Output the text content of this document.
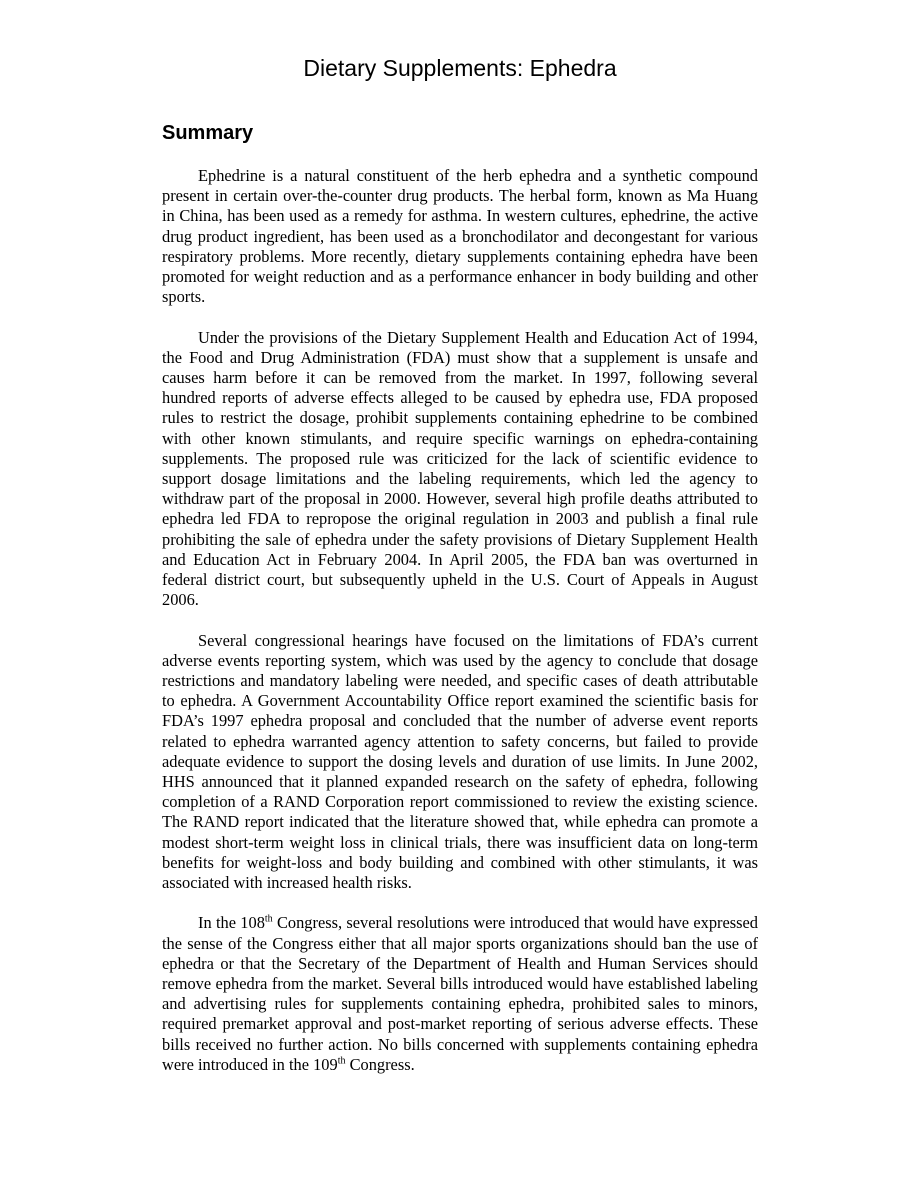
Dietary Supplements: Ephedra
Summary

Ephedrine is a natural constituent of the herb ephedra and a synthetic compound present in certain over-the-counter drug products. The herbal form, known as Ma Huang in China, has been used as a remedy for asthma. In western cultures, ephedrine, the active drug product ingredient, has been used as a bronchodilator and decongestant for various respiratory problems. More recently, dietary supplements containing ephedra have been promoted for weight reduction and as a performance enhancer in body building and other sports.

Under the provisions of the Dietary Supplement Health and Education Act of 1994, the Food and Drug Administration (FDA) must show that a supplement is unsafe and causes harm before it can be removed from the market. In 1997, following several hundred reports of adverse effects alleged to be caused by ephedra use, FDA proposed rules to restrict the dosage, prohibit supplements containing ephedrine to be combined with other known stimulants, and require specific warnings on ephedra-containing supplements. The proposed rule was criticized for the lack of scientific evidence to support dosage limitations and the labeling requirements, which led the agency to withdraw part of the proposal in 2000. However, several high profile deaths attributed to ephedra led FDA to repropose the original regulation in 2003 and publish a final rule prohibiting the sale of ephedra under the safety provisions of Dietary Supplement Health and Education Act in February 2004. In April 2005, the FDA ban was overturned in federal district court, but subsequently upheld in the U.S. Court of Appeals in August 2006.

Several congressional hearings have focused on the limitations of FDA’s current adverse events reporting system, which was used by the agency to conclude that dosage restrictions and mandatory labeling were needed, and specific cases of death attributable to ephedra. A Government Accountability Office report examined the scientific basis for FDA’s 1997 ephedra proposal and concluded that the number of adverse event reports related to ephedra warranted agency attention to safety concerns, but failed to provide adequate evidence to support the dosing levels and duration of use limits. In June 2002, HHS announced that it planned expanded research on the safety of ephedra, following completion of a RAND Corporation report commissioned to review the existing science. The RAND report indicated that the literature showed that, while ephedra can promote a modest short-term weight loss in clinical trials, there was insufficient data on long-term benefits for weight-loss and body building and combined with other stimulants, it was associated with increased health risks.

In the 108th Congress, several resolutions were introduced that would have expressed the sense of the Congress either that all major sports organizations should ban the use of ephedra or that the Secretary of the Department of Health and Human Services should remove ephedra from the market. Several bills introduced would have established labeling and advertising rules for supplements containing ephedra, prohibited sales to minors, required premarket approval and post-market reporting of serious adverse effects. These bills received no further action. No bills concerned with supplements containing ephedra were introduced in the 109th Congress.
